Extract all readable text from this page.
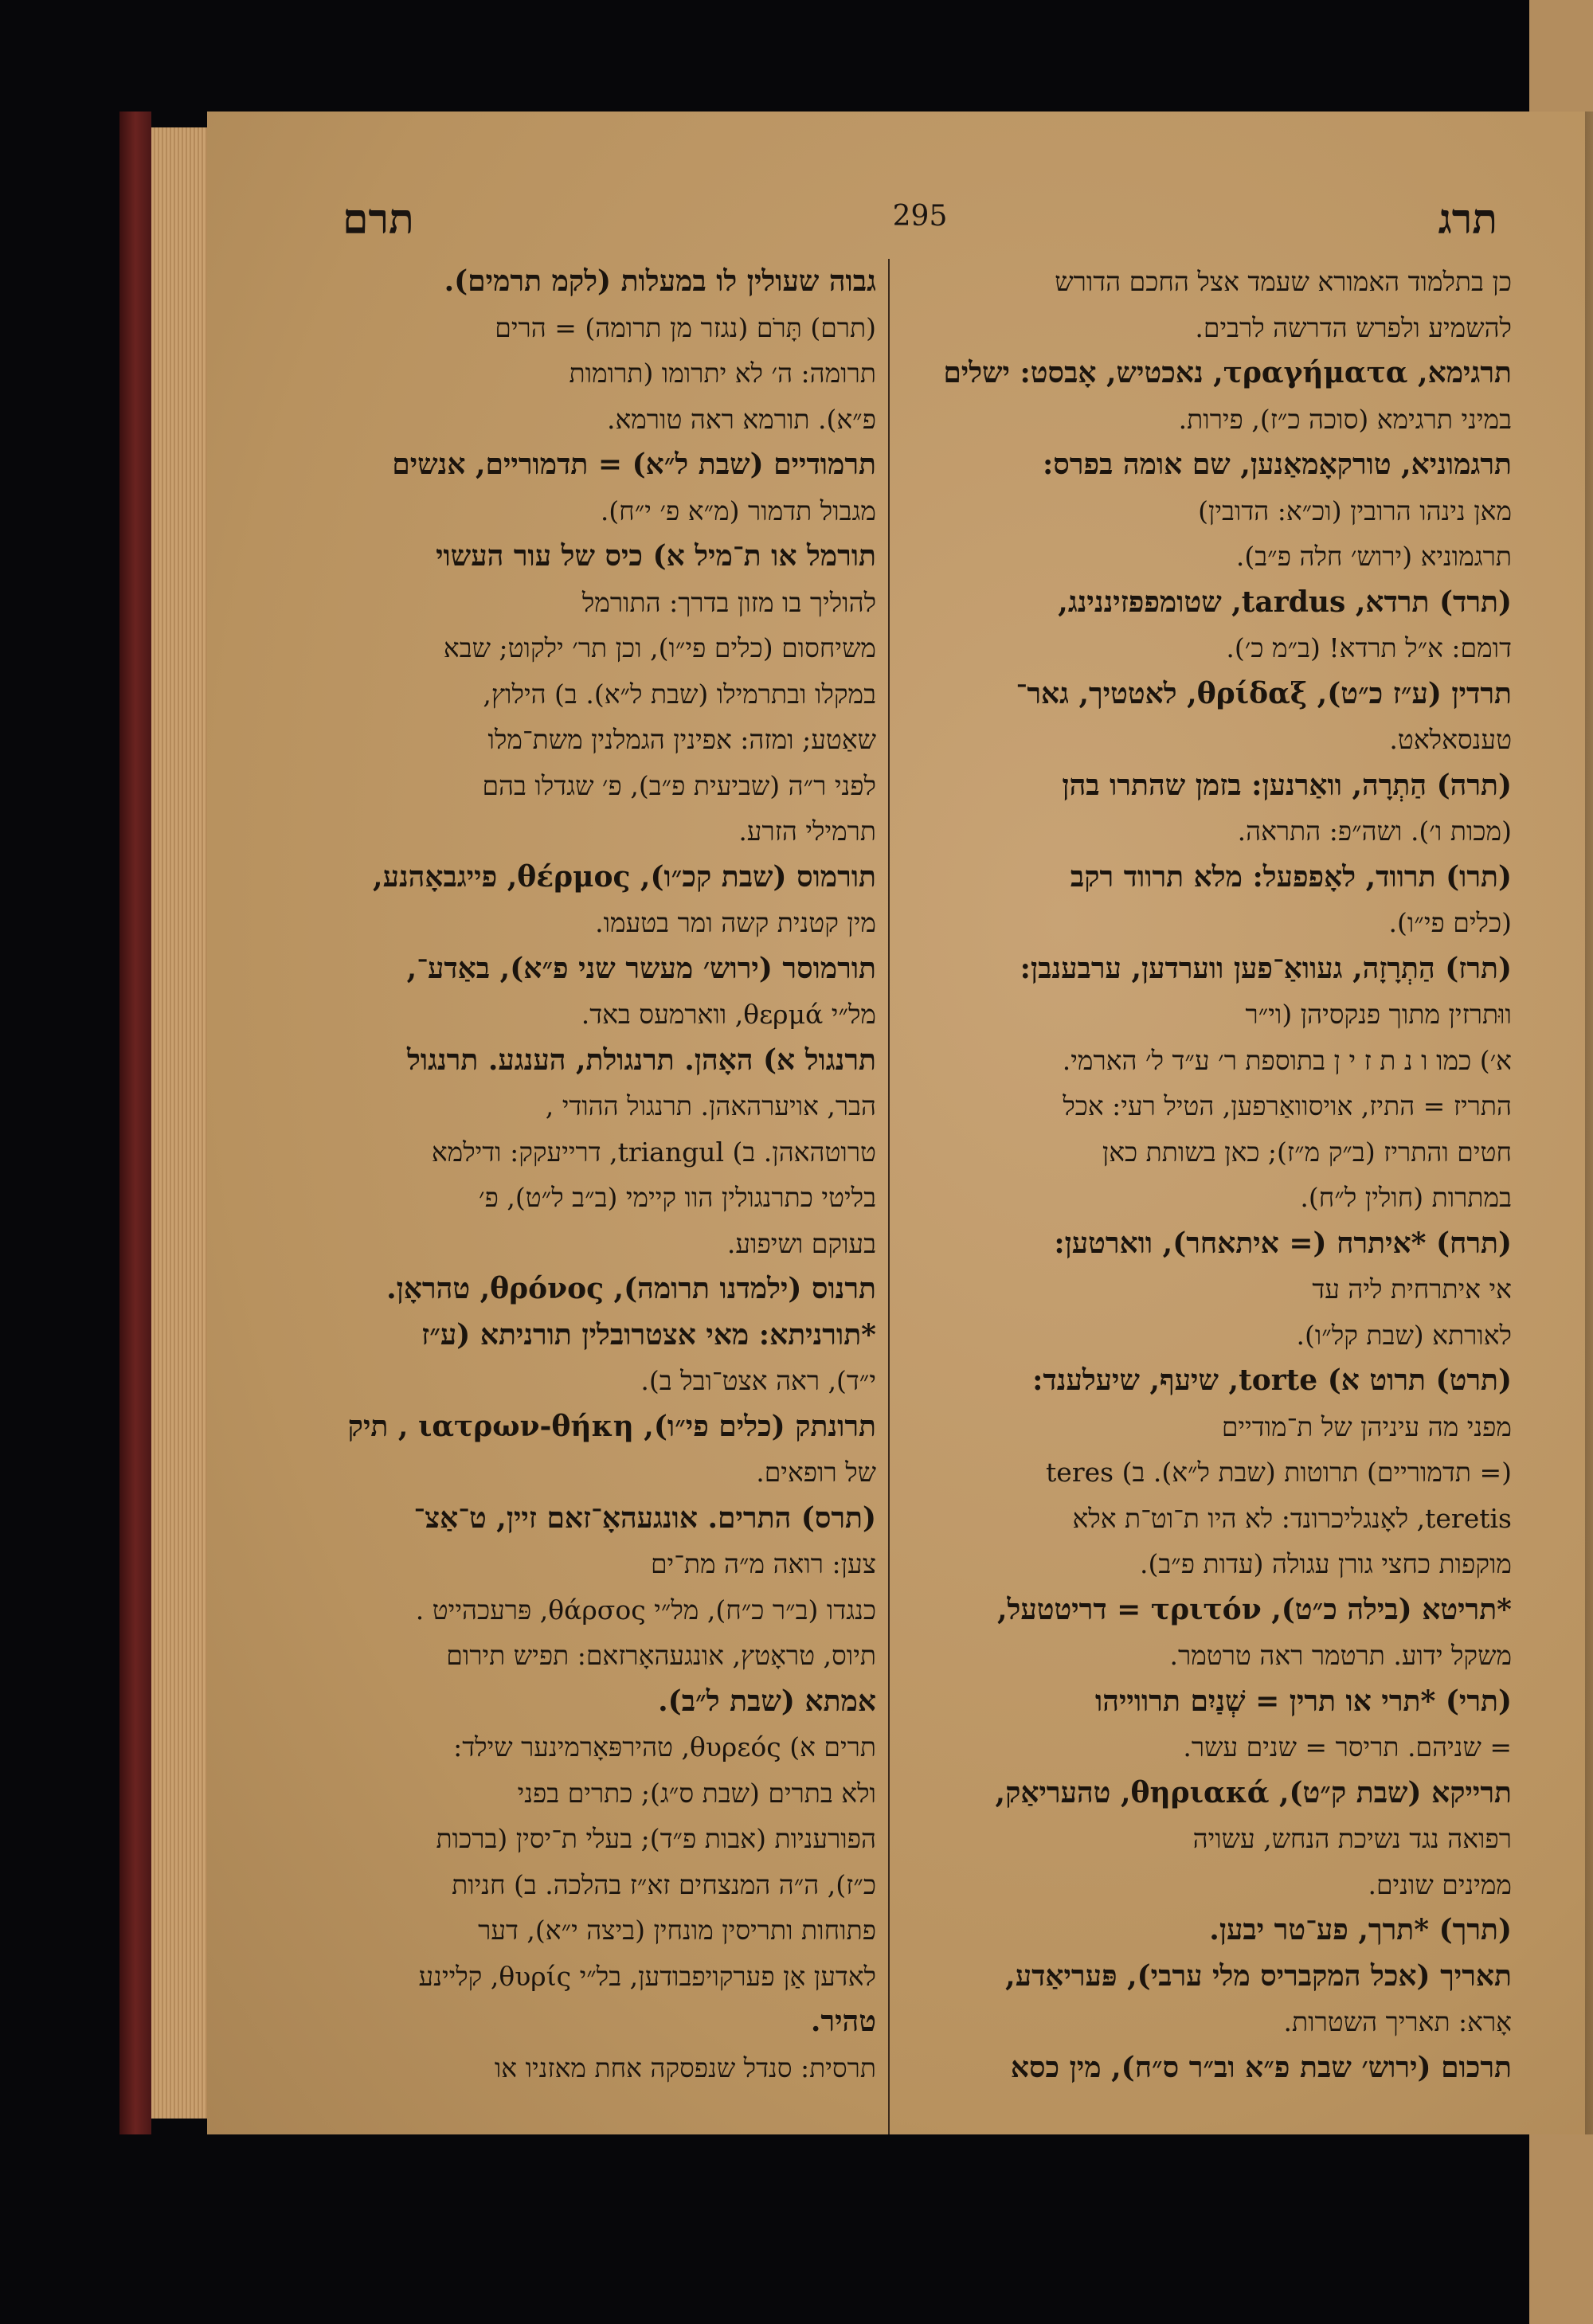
תרם	295	תרג
גבוה שעולין לו במעלות (לקמ תרמים).
(תרם) תָּרֹם (נגזר מן תרומה) = הרים
תרומה: ה׳ לא יתרומו (תרומות
פ״א). תורמא ראה טורמא.
תרמודיים (שבת ל״א) = תדמוריים, אנשים
מגבול תדמור (מ״א פ׳ י״ח).
תורמל או ת־מיל א) כיס של עור העשוי
להוליך בו מזון בדרך: התורמל
משיחסום (כלים פי״ו), וכן תר׳ ילקוט; שבא
במקלו ובתרמילו (שבת ל״א). ב) הילוץ,
שאַטע; ומזה: אפינין הגמלנין משת־מלו
לפני ר״ה (שביעית פ״ב), פ׳ שגדלו בהם
תרמילי הזרע.
תורמוס (שבת קכ״ו), θέρμος, פייגבאָהנע,
מין קטנית קשה ומר בטעמו.
תורמוסר (ירוש׳ מעשר שני פ״א), באַדע־,
מל״י θερμά, ווארמעס באד.
תרנגול א) האָהן. תרנגולת, הענגע. תרנגול
הבר, אויערהאהן. תרנגול ההודי ,
טרוטהאהן. ב) triangul, דרייעקק: ודילמא
בליטי כתרנגולין הוו קיימי (ב״ב ל״ט), פ׳
בעוקם ושיפוע.
תרנוס (ילמדנו תרומה), θρόνος, טהראָן.
*תורניתא: מאי אצטרובלין תורניתא (ע״ז
י״ד), ראה אצט־ובל ב).
תרונתק (כלים פי״ו), ιατρων-θήκη , תיק
של רופאים.
(תרס) התרים. אונגעהאָ־זאם זיין, ט־אַצ־
צען: רואה מ״ה מת־ים
כנגדו (ב״ר כ״ח), מל״י θάρσος, פּרעכהייט .
תיוס, טראָטץ, אונגעהאָרזאם: תפיש תירום
אמתא (שבת ל״ב).
תרים א) θυρεός, טהירפּאָרמינער שילד:
ולא בתרים (שבת ס״ג); כתרים בפני
הפורעניות (אבות פ״ד); בעלי ת־יסין (ברכות
כ״ז), ה״ה המנצחים זא״ז בהלכה. ב) חניות
פתוחות ותריסין מונחין (ביצה י״א), דער
לאדען אַן פערקויפבודען, בל״י θυρίς, קליינע
טהיר.
תרסית: סנדל שנפסקה אחת מאזניו או
כן בתלמוד האמורא שעמד אצל החכם הדורש
להשמיע ולפרש הדרשה לרבים.
תרגימא, τραγήματα, נאכטיש, אָבסט: ישלים
במיני תרגימא (סוכה כ״ז), פירות.
תרגמוניא, טורקאָמאַנען, שם אומה בפרס:
מאן נינהו הרובין (וכ״א: הדובין)
תרגמוניא (ירוש׳ חלה פ״ב).
(תרד) תרדא, tardus, שטומפפזיננינג,
דומם: א״ל תרדא! (ב״מ כ׳).
תרדין (ע״ז כ״ט), θρίδαξ, לאטטיך, גאר־
טענסאלאט.
(תרה) הַתְרָה, וואַרנען: בזמן שהתרו בהן
(מכות ו׳). ושה״פ: התראה.
(תרו) תרווד, לאָפפעל: מלא תרווד רקב
(כלים פי״ו).
(תרז) הַתְרָזָה, געוואַ־פען ווערדען, ערבענבן:
ווּתרזין מתוך פנקסיהן (וי״ר
א׳) כמו ו נ ת ז י ן בתוספת ר׳ ע״ד ל׳ הארמי.
התריז = התיז, אויסוואַרפען, הטיל רעי: אכל
חטים והתריז (ב״ק מ״ז); כאן בשותת כאן
במתרות (חולין ל״ח).
(תרח) *איתרח (= איתאחר), ווארטען:
אי איתרחית ליה עד
לאורתא (שבת קל״ו).
(תרט) תרוט א) torte, שיעף, שיעלענד:
מפני מה עיניהן של ת־מודיים
(= תדמוריים) תרוטות (שבת ל״א). ב) teres
teretis, לאָנגליכרונד: לא היו ת־וט־ת אלא
מוקפות כחצי גורן עגולה (עדות פ״ב).
*תריטא (בילה כ״ט), τριτόν = דריטטעל,
משקל ידוע. תרטמר ראה טרטמר.
(תרי) *תרי או תרין = שְׁנַיִם תרווייהו
= שניהם. תריסר = שנים עשר.
תרייקא (שבת ק״ט), θηριακά, טהעריאַק,
רפואה נגד נשיכת הנחש, עשויה
ממינים שונים.
(תרך) *תרך, פע־טר יבען.
תאריך (אכל המקבריס מלי ערבי), פּעריאַדע,
אָרא: תאריך השטרות.
תרכום (ירוש׳ שבת פ״א וב״ר ס״ח), מין כסא
